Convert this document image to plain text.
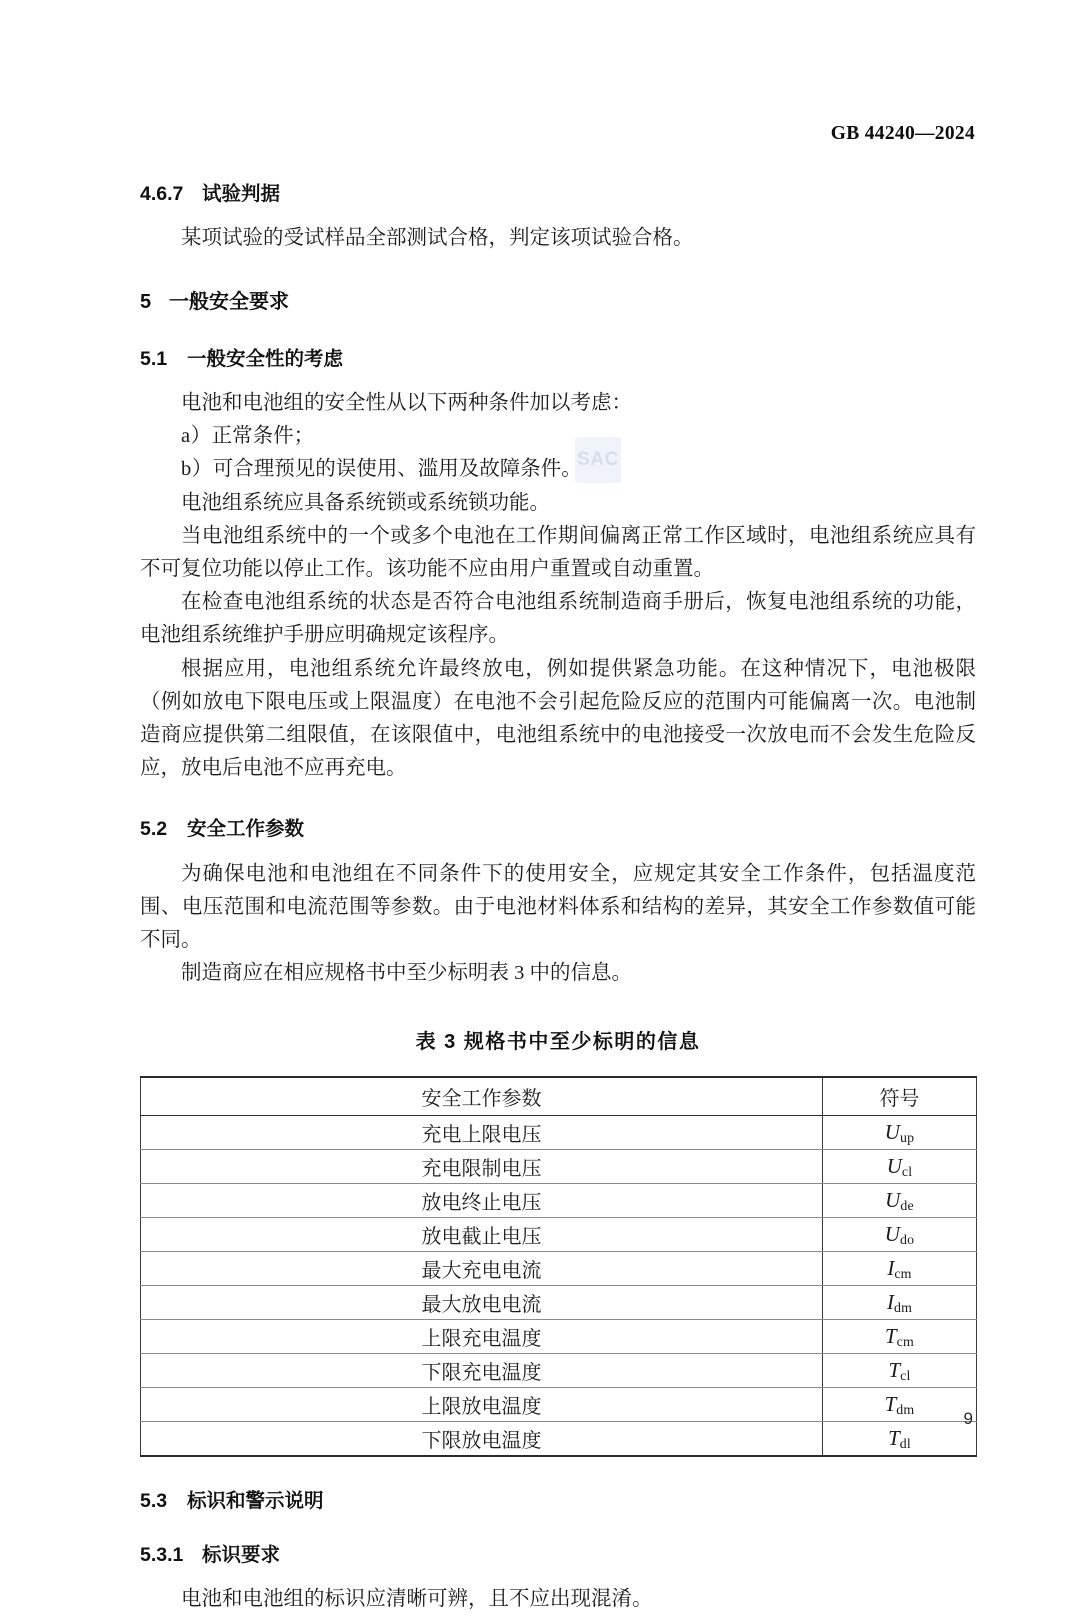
SAC
GB 44240—2024
4.6.7 试验判据

某项试验的受试样品全部测试合格，判定该项试验合格。

5 一般安全要求
5.1 一般安全性的考虑

电池和电池组的安全性从以下两种条件加以考虑：

a）正常条件；

b）可合理预见的误使用、滥用及故障条件。

电池组系统应具备系统锁或系统锁功能。

当电池组系统中的一个或多个电池在工作期间偏离正常工作区域时，电池组系统应具有不可复位功能以停止工作。该功能不应由用户重置或自动重置。

在检查电池组系统的状态是否符合电池组系统制造商手册后，恢复电池组系统的功能，电池组系统维护手册应明确规定该程序。

根据应用，电池组系统允许最终放电，例如提供紧急功能。在这种情况下，电池极限（例如放电下限电压或上限温度）在电池不会引起危险反应的范围内可能偏离一次。电池制造商应提供第二组限值，在该限值中，电池组系统中的电池接受一次放电而不会发生危险反应，放电后电池不应再充电。

5.2 安全工作参数

为确保电池和电池组在不同条件下的使用安全，应规定其安全工作条件，包括温度范围、电压范围和电流范围等参数。由于电池材料体系和结构的差异，其安全工作参数值可能不同。

制造商应在相应规格书中至少标明表 3 中的信息。

表 3 规格书中至少标明的信息
安全工作参数	符号
充电上限电压	$U_{up}$
充电限制电压	$U_{cl}$
放电终止电压	$U_{de}$
放电截止电压	$U_{do}$
最大充电电流	$I_{cm}$
最大放电电流	$I_{dm}$
上限充电温度	$T_{cm}$
下限充电温度	$T_{cl}$
上限放电温度	$T_{dm}$
下限放电温度	$T_{dl}$
5.3 标识和警示说明
5.3.1 标识要求

电池和电池组的标识应清晰可辨，且不应出现混淆。

9
